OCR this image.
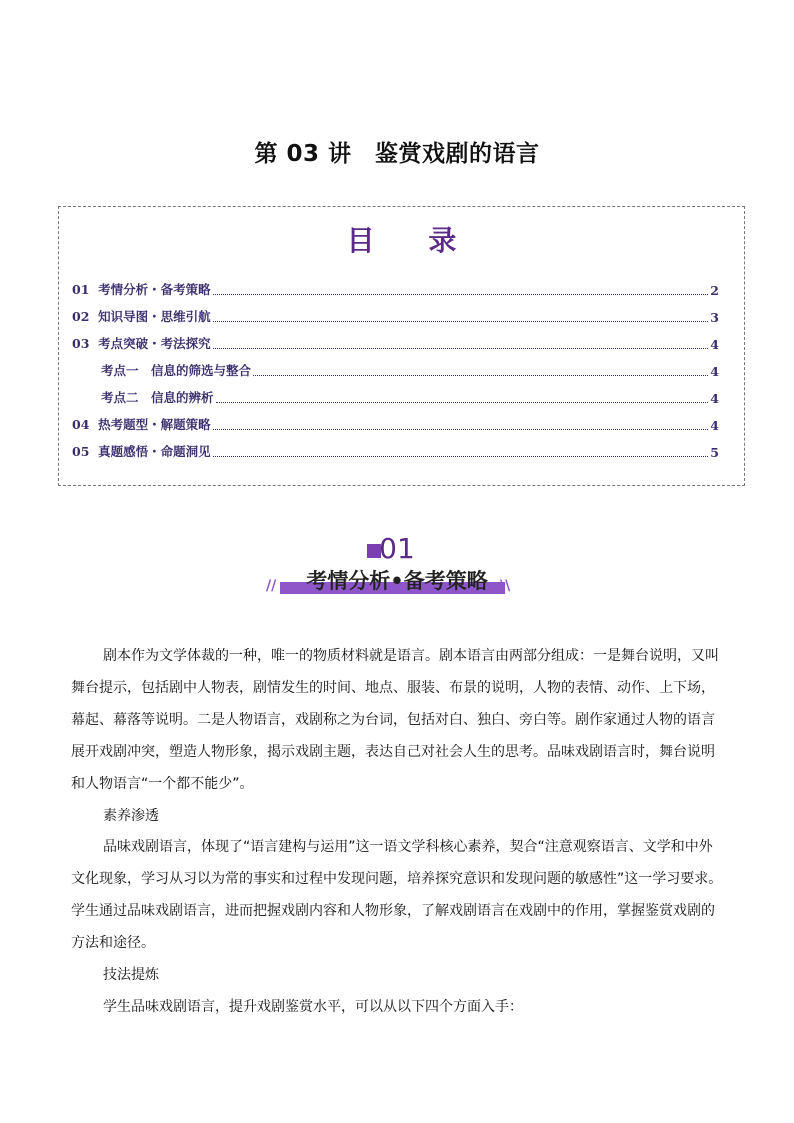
第 03 讲　鉴赏戏剧的语言
目 录
01  考情分析・备考策略	2
02  知识导图・思维引航	3
03  考点突破・考法探究	4
考点一　信息的筛选与整合	4
考点二　信息的辨析	4
04  热考题型・解题策略	4
05  真题感悟・命题洞见	5
01
//	考情分析•备考策略 \\
剧本作为文学体裁的一种，唯一的物质材料就是语言。剧本语言由两部分组成：一是舞台说明，又叫舞台提示，包括剧中人物表，剧情发生的时间、地点、服装、布景的说明，人物的表情、动作、上下场，幕起、幕落等说明。二是人物语言，戏剧称之为台词，包括对白、独白、旁白等。剧作家通过人物的语言展开戏剧冲突，塑造人物形象，揭示戏剧主题，表达自己对社会人生的思考。品味戏剧语言时，舞台说明和人物语言“一个都不能少”。
素养渗透
品味戏剧语言，体现了“语言建构与运用”这一语文学科核心素养，契合“注意观察语言、文学和中外文化现象，学习从习以为常的事实和过程中发现问题，培养探究意识和发现问题的敏感性”这一学习要求。学生通过品味戏剧语言，进而把握戏剧内容和人物形象，了解戏剧语言在戏剧中的作用，掌握鉴赏戏剧的方法和途径。
技法提炼
学生品味戏剧语言，提升戏剧鉴赏水平，可以从以下四个方面入手：
